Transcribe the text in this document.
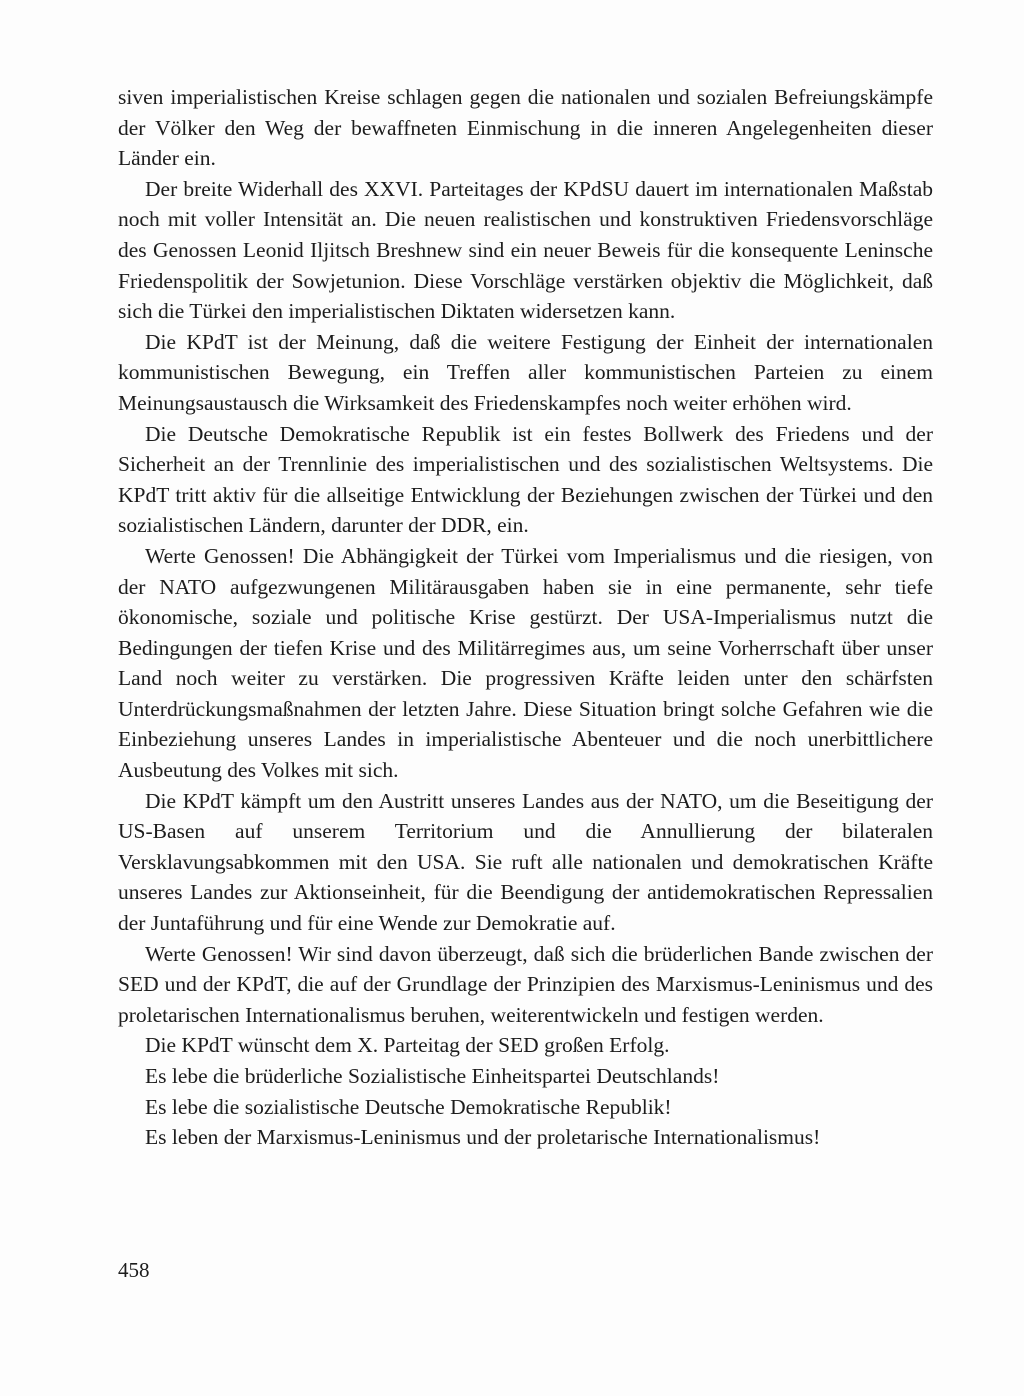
siven imperialistischen Kreise schlagen gegen die nationalen und sozialen Befreiungskämpfe der Völker den Weg der bewaffneten Einmischung in die inneren Angelegenheiten dieser Länder ein.

Der breite Widerhall des XXVI. Parteitages der KPdSU dauert im internationalen Maßstab noch mit voller Intensität an. Die neuen realistischen und konstruktiven Friedensvorschläge des Genossen Leonid Iljitsch Breshnew sind ein neuer Beweis für die konsequente Leninsche Friedenspolitik der Sowjetunion. Diese Vorschläge verstärken objektiv die Möglichkeit, daß sich die Türkei den imperialistischen Diktaten widersetzen kann.

Die KPdT ist der Meinung, daß die weitere Festigung der Einheit der internationalen kommunistischen Bewegung, ein Treffen aller kommunistischen Parteien zu einem Meinungsaustausch die Wirksamkeit des Friedenskampfes noch weiter erhöhen wird.

Die Deutsche Demokratische Republik ist ein festes Bollwerk des Friedens und der Sicherheit an der Trennlinie des imperialistischen und des sozialistischen Weltsystems. Die KPdT tritt aktiv für die allseitige Entwicklung der Beziehungen zwischen der Türkei und den sozialistischen Ländern, darunter der DDR, ein.

Werte Genossen! Die Abhängigkeit der Türkei vom Imperialismus und die riesigen, von der NATO aufgezwungenen Militärausgaben haben sie in eine permanente, sehr tiefe ökonomische, soziale und politische Krise gestürzt. Der USA-Imperialismus nutzt die Bedingungen der tiefen Krise und des Militärregimes aus, um seine Vorherrschaft über unser Land noch weiter zu verstärken. Die progressiven Kräfte leiden unter den schärfsten Unterdrückungsmaßnahmen der letzten Jahre. Diese Situation bringt solche Gefahren wie die Einbeziehung unseres Landes in imperialistische Abenteuer und die noch unerbittlichere Ausbeutung des Volkes mit sich.

Die KPdT kämpft um den Austritt unseres Landes aus der NATO, um die Beseitigung der US-Basen auf unserem Territorium und die Annullierung der bilateralen Versklavungsabkommen mit den USA. Sie ruft alle nationalen und demokratischen Kräfte unseres Landes zur Aktionseinheit, für die Beendigung der antidemokratischen Repressalien der Juntaführung und für eine Wende zur Demokratie auf.

Werte Genossen! Wir sind davon überzeugt, daß sich die brüderlichen Bande zwischen der SED und der KPdT, die auf der Grundlage der Prinzipien des Marxismus-Leninismus und des proletarischen Internationalismus beruhen, weiterentwickeln und festigen werden.

Die KPdT wünscht dem X. Parteitag der SED großen Erfolg.

Es lebe die brüderliche Sozialistische Einheitspartei Deutschlands!

Es lebe die sozialistische Deutsche Demokratische Republik!

Es leben der Marxismus-Leninismus und der proletarische Internationalismus!

458
